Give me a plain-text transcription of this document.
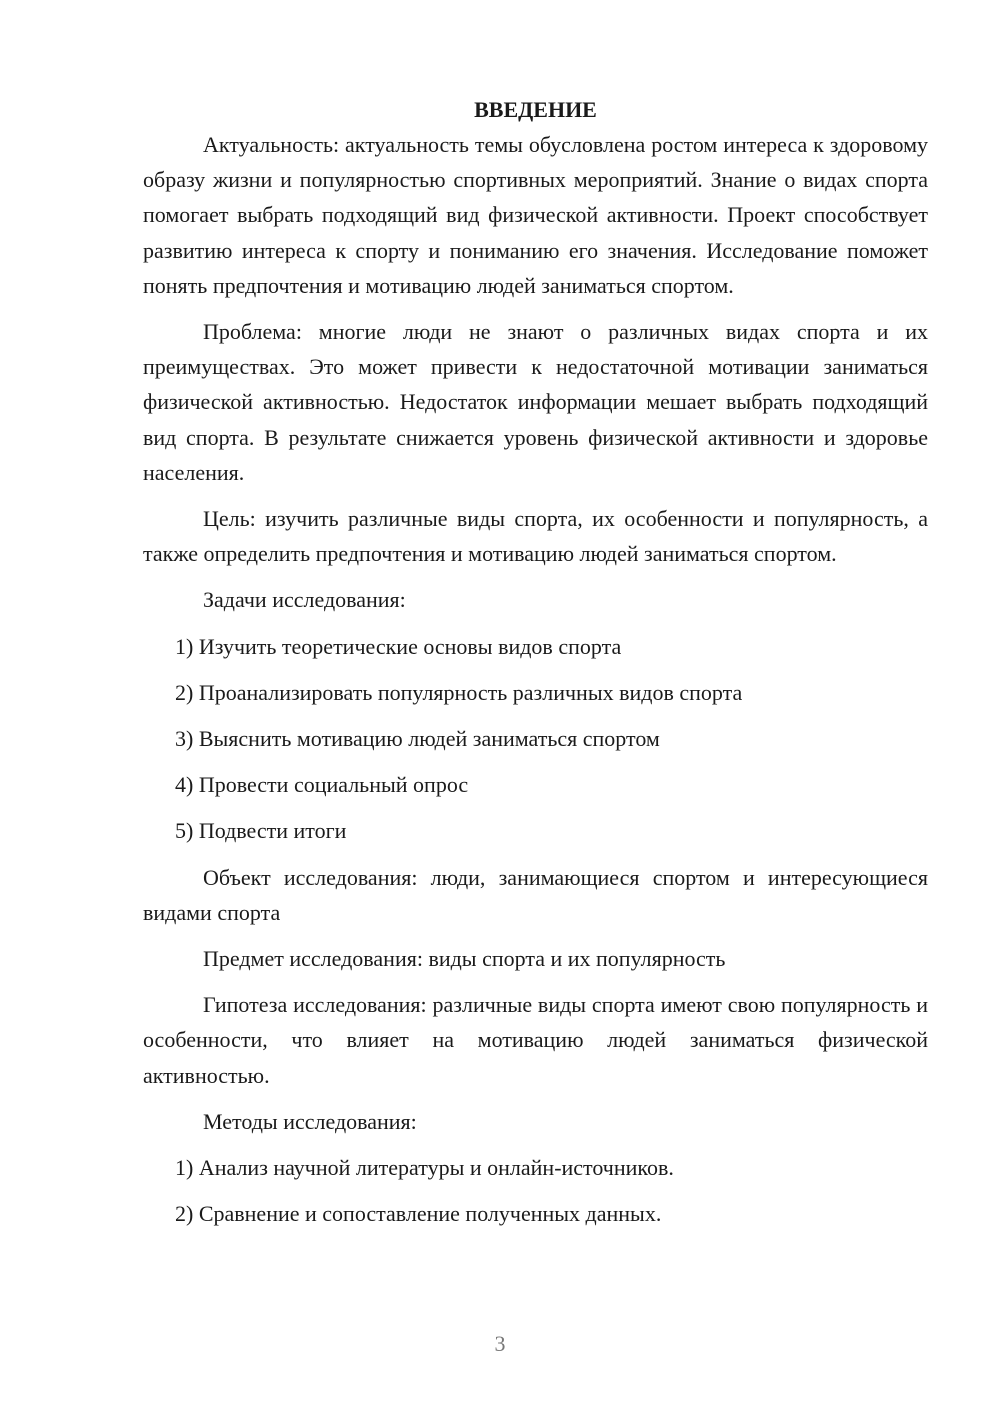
ВВЕДЕНИЕ

Актуальность: актуальность темы обусловлена ростом интереса к здоровому образу жизни и популярностью спортивных мероприятий. Знание о видах спорта помогает выбрать подходящий вид физической активности. Проект способствует развитию интереса к спорту и пониманию его значения. Исследование поможет понять предпочтения и мотивацию людей заниматься спортом.

Проблема: многие люди не знают о различных видах спорта и их преимуществах. Это может привести к недостаточной мотивации заниматься физической активностью. Недостаток информации мешает выбрать подходящий вид спорта. В результате снижается уровень физической активности и здоровье населения.

Цель: изучить различные виды спорта, их особенности и популярность, а также определить предпочтения и мотивацию людей заниматься спортом.

Задачи исследования:

1) Изучить теоретические основы видов спорта

2) Проанализировать популярность различных видов спорта

3) Выяснить мотивацию людей заниматься спортом

4) Провести социальный опрос

5) Подвести итоги

Объект исследования: люди, занимающиеся спортом и интересующиеся видами спорта

Предмет исследования: виды спорта и их популярность

Гипотеза исследования: различные виды спорта имеют свою популярность и особенности, что влияет на мотивацию людей заниматься физической активностью.

Методы исследования:

1) Анализ научной литературы и онлайн-источников.

2) Сравнение и сопоставление полученных данных.

3
